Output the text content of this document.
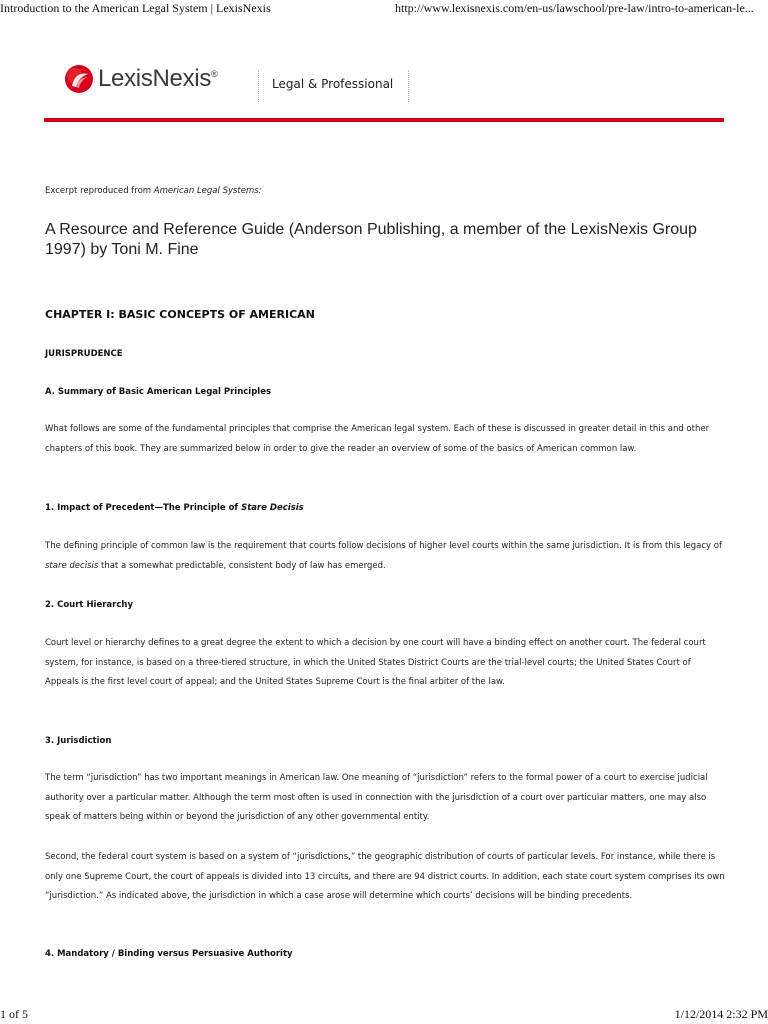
Introduction to the American Legal System | LexisNexis	http://www.lexisnexis.com/en-us/lawschool/pre-law/intro-to-american-le...
LexisNexis®
Legal & Professional

Excerpt reproduced from American Legal Systems:

A Resource and Reference Guide (Anderson Publishing, a member of the LexisNexis Group 1997) by Toni M. Fine

CHAPTER I: BASIC CONCEPTS OF AMERICAN
JURISPRUDENCE
A. Summary of Basic American Legal Principles

What follows are some of the fundamental principles that comprise the American legal system. Each of these is discussed in greater detail in this and other chapters of this book. They are summarized below in order to give the reader an overview of some of the basics of American common law.

1. Impact of Precedent—The Principle of Stare Decisis

The defining principle of common law is the requirement that courts follow decisions of higher level courts within the same jurisdiction. It is from this legacy of stare decisis that a somewhat predictable, consistent body of law has emerged.

2. Court Hierarchy

Court level or hierarchy defines to a great degree the extent to which a decision by one court will have a binding effect on another court. The federal court system, for instance, is based on a three-tiered structure, in which the United States District Courts are the trial-level courts; the United States Court of Appeals is the first level court of appeal; and the United States Supreme Court is the final arbiter of the law.

3. Jurisdiction

The term “jurisdiction” has two important meanings in American law. One meaning of “jurisdiction” refers to the formal power of a court to exercise judicial authority over a particular matter. Although the term most often is used in connection with the jurisdiction of a court over particular matters, one may also speak of matters being within or beyond the jurisdiction of any other governmental entity.

Second, the federal court system is based on a system of “jurisdictions,” the geographic distribution of courts of particular levels. For instance, while there is only one Supreme Court, the court of appeals is divided into 13 circuits, and there are 94 district courts. In addition, each state court system comprises its own “jurisdiction.” As indicated above, the jurisdiction in which a case arose will determine which courts’ decisions will be binding precedents.

4. Mandatory / Binding versus Persuasive Authority
1 of 5	1/12/2014 2:32 PM
